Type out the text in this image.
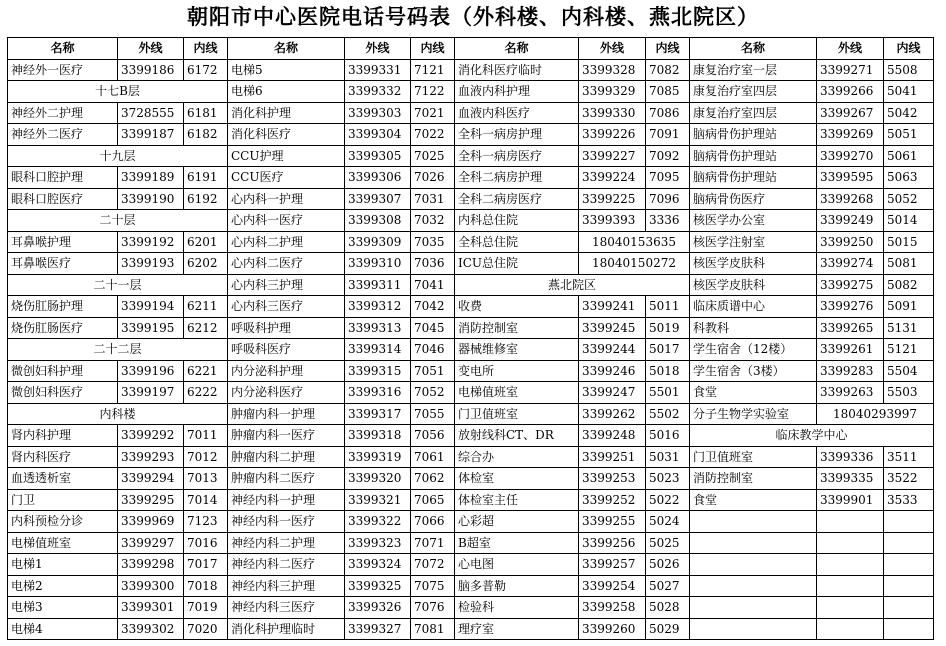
朝阳市中心医院电话号码表（外科楼、内科楼、燕北院区）
名称	外线	内线	名称	外线	内线	名称	外线	内线	名称	外线	内线
神经外一医疗	3399186	6172	电梯5	3399331	7121	消化科医疗临时	3399328	7082	康复治疗室一层	3399271	5508
十七B层			电梯6	3399332	7122	血液内科护理	3399329	7085	康复治疗室四层	3399266	5041
神经外二护理	3728555	6181	消化科护理	3399303	7021	血液内科医疗	3399330	7086	康复治疗室四层	3399267	5042
神经外二医疗	3399187	6182	消化科医疗	3399304	7022	全科一病房护理	3399226	7091	脑病骨伤护理站	3399269	5051
十九层			CCU护理	3399305	7025	全科一病房医疗	3399227	7092	脑病骨伤护理站	3399270	5061
眼科口腔护理	3399189	6191	CCU医疗	3399306	7026	全科二病房护理	3399224	7095	脑病骨伤护理站	3399595	5063
眼科口腔医疗	3399190	6192	心内科一护理	3399307	7031	全科二病房医疗	3399225	7096	脑病骨伤医疗	3399268	5052
二十层			心内科一医疗	3399308	7032	内科总住院	3399393	3336	核医学办公室	3399249	5014
耳鼻喉护理	3399192	6201	心内科二护理	3399309	7035	全科总住院	18040153635		核医学注射室	3399250	5015
耳鼻喉医疗	3399193	6202	心内科二医疗	3399310	7036	ICU总住院	18040150272		核医学皮肤科	3399274	5081
二十一层			心内科三护理	3399311	7041	燕北院区			核医学皮肤科	3399275	5082
烧伤肛肠护理	3399194	6211	心内科三医疗	3399312	7042	收费	3399241	5011	临床质谱中心	3399276	5091
烧伤肛肠医疗	3399195	6212	呼吸科护理	3399313	7045	消防控制室	3399245	5019	科教科	3399265	5131
二十二层			呼吸科医疗	3399314	7046	器械维修室	3399244	5017	学生宿舍（12楼）	3399261	5121
微创妇科护理	3399196	6221	内分泌科护理	3399315	7051	变电所	3399246	5018	学生宿舍（3楼）	3399283	5504
微创妇科医疗	3399197	6222	内分泌科医疗	3399316	7052	电梯值班室	3399247	5501	食堂	3399263	5503
内科楼			肿瘤内科一护理	3399317	7055	门卫值班室	3399262	5502	分子生物学实验室	18040293997	
肾内科护理	3399292	7011	肿瘤内科一医疗	3399318	7056	放射线科CT、DR	3399248	5016	临床教学中心		
肾内科医疗	3399293	7012	肿瘤内科二护理	3399319	7061	综合办	3399251	5031	门卫值班室	3399336	3511
血透透析室	3399294	7013	肿瘤内科二医疗	3399320	7062	体检室	3399253	5023	消防控制室	3399335	3522
门卫	3399295	7014	神经内科一护理	3399321	7065	体检室主任	3399252	5022	食堂	3399901	3533
内科预检分诊	3399969	7123	神经内科一医疗	3399322	7066	心彩超	3399255	5024			
电梯值班室	3399297	7016	神经内科二护理	3399323	7071	B超室	3399256	5025			
电梯1	3399298	7017	神经内科二医疗	3399324	7072	心电图	3399257	5026			
电梯2	3399300	7018	神经内科三护理	3399325	7075	脑多普勒	3399254	5027			
电梯3	3399301	7019	神经内科三医疗	3399326	7076	检验科	3399258	5028			
电梯4	3399302	7020	消化科护理临时	3399327	7081	理疗室	3399260	5029			
